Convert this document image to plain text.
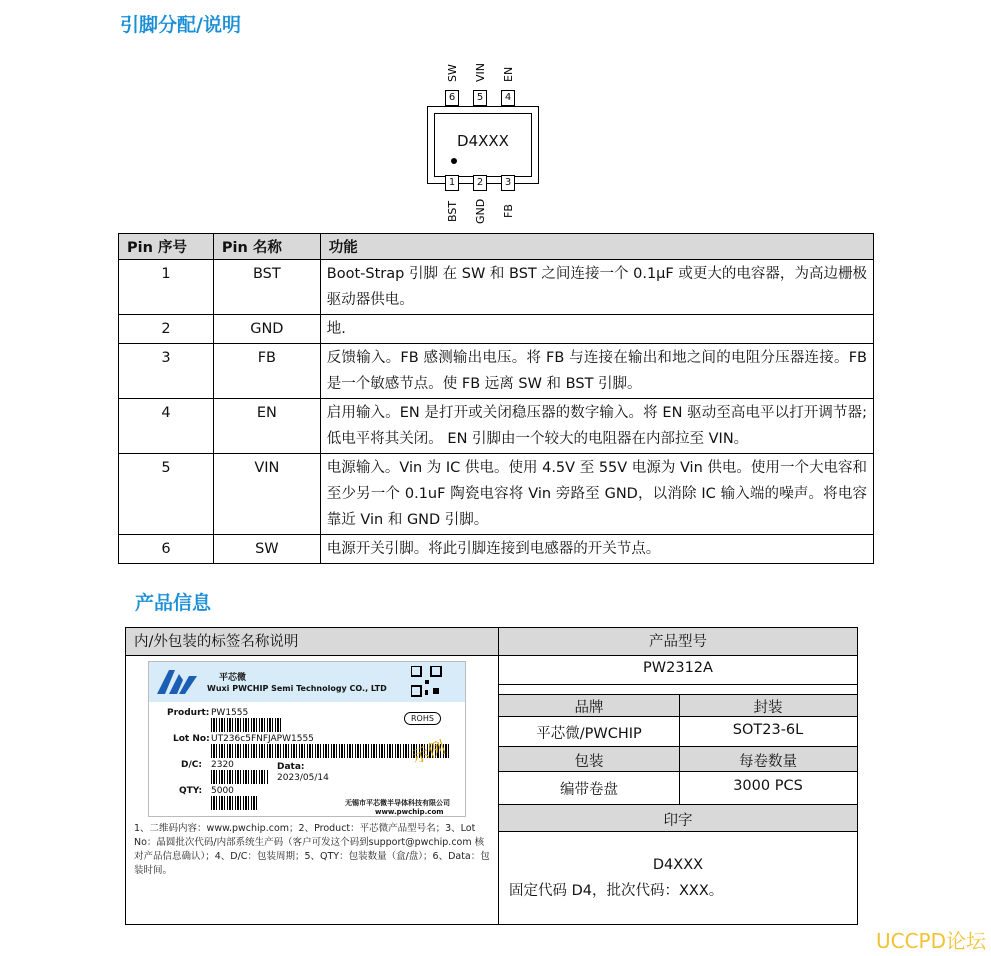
引脚分配/说明
SW VIN EN
6	5	4
D4XXX
1	2	3
BST GND FB
Pin 序号	Pin 名称	功能
1	BST	Boot-Strap 引脚 在 SW 和 BST 之间连接一个 0.1μF 或更大的电容器，为高边栅极驱动器供电。
2	GND	地.
3	FB	反馈输入。FB 感测输出电压。将 FB 与连接在输出和地之间的电阻分压器连接。FB 是一个敏感节点。使 FB 远离 SW 和 BST 引脚。
4	EN	启用输入。EN 是打开或关闭稳压器的数字输入。将 EN 驱动至高电平以打开调节器;低电平将其关闭。 EN 引脚由一个较大的电阻器在内部拉至 VIN。
5	VIN	电源输入。Vin 为 IC 供电。使用 4.5V 至 55V 电源为 Vin 供电。使用一个大电容和至少另一个 0.1uF 陶瓷电容将 Vin 旁路至 GND，以消除 IC 输入端的噪声。将电容靠近 Vin 和 GND 引脚。
6	SW	电源开关引脚。将此引脚连接到电感器的开关节点。
产品信息
内/外包装的标签名称说明
平芯微
Wuxi PWCHIP Semi Technology CO., LTD
Produrt: PW1555
ROHS
Lot No: UT236c5FNFJAPW1555
D/C: 2320	Data:
2023/05/14
示例
QTY: 5000
无锡市平芯微半导体科技有限公司
www.pwchip.com
1、二维码内容：www.pwchip.com；2、Product：平芯微产品型号名；3、Lot No：晶圆批次代码/内部系统生产码（客户可发这个码到support@pwchip.com 核对产品信息确认）；4、D/C：包装周期；5、QTY：包装数量（盒/盘）；6、Data：包装时间。
产品型号
PW2312A
品牌	封装
平芯微/PWCHIP	SOT23-6L
包装	每卷数量
编带卷盘	3000 PCS
印字
D4XXX
固定代码 D4，批次代码：XXX。
UCCPD论坛
